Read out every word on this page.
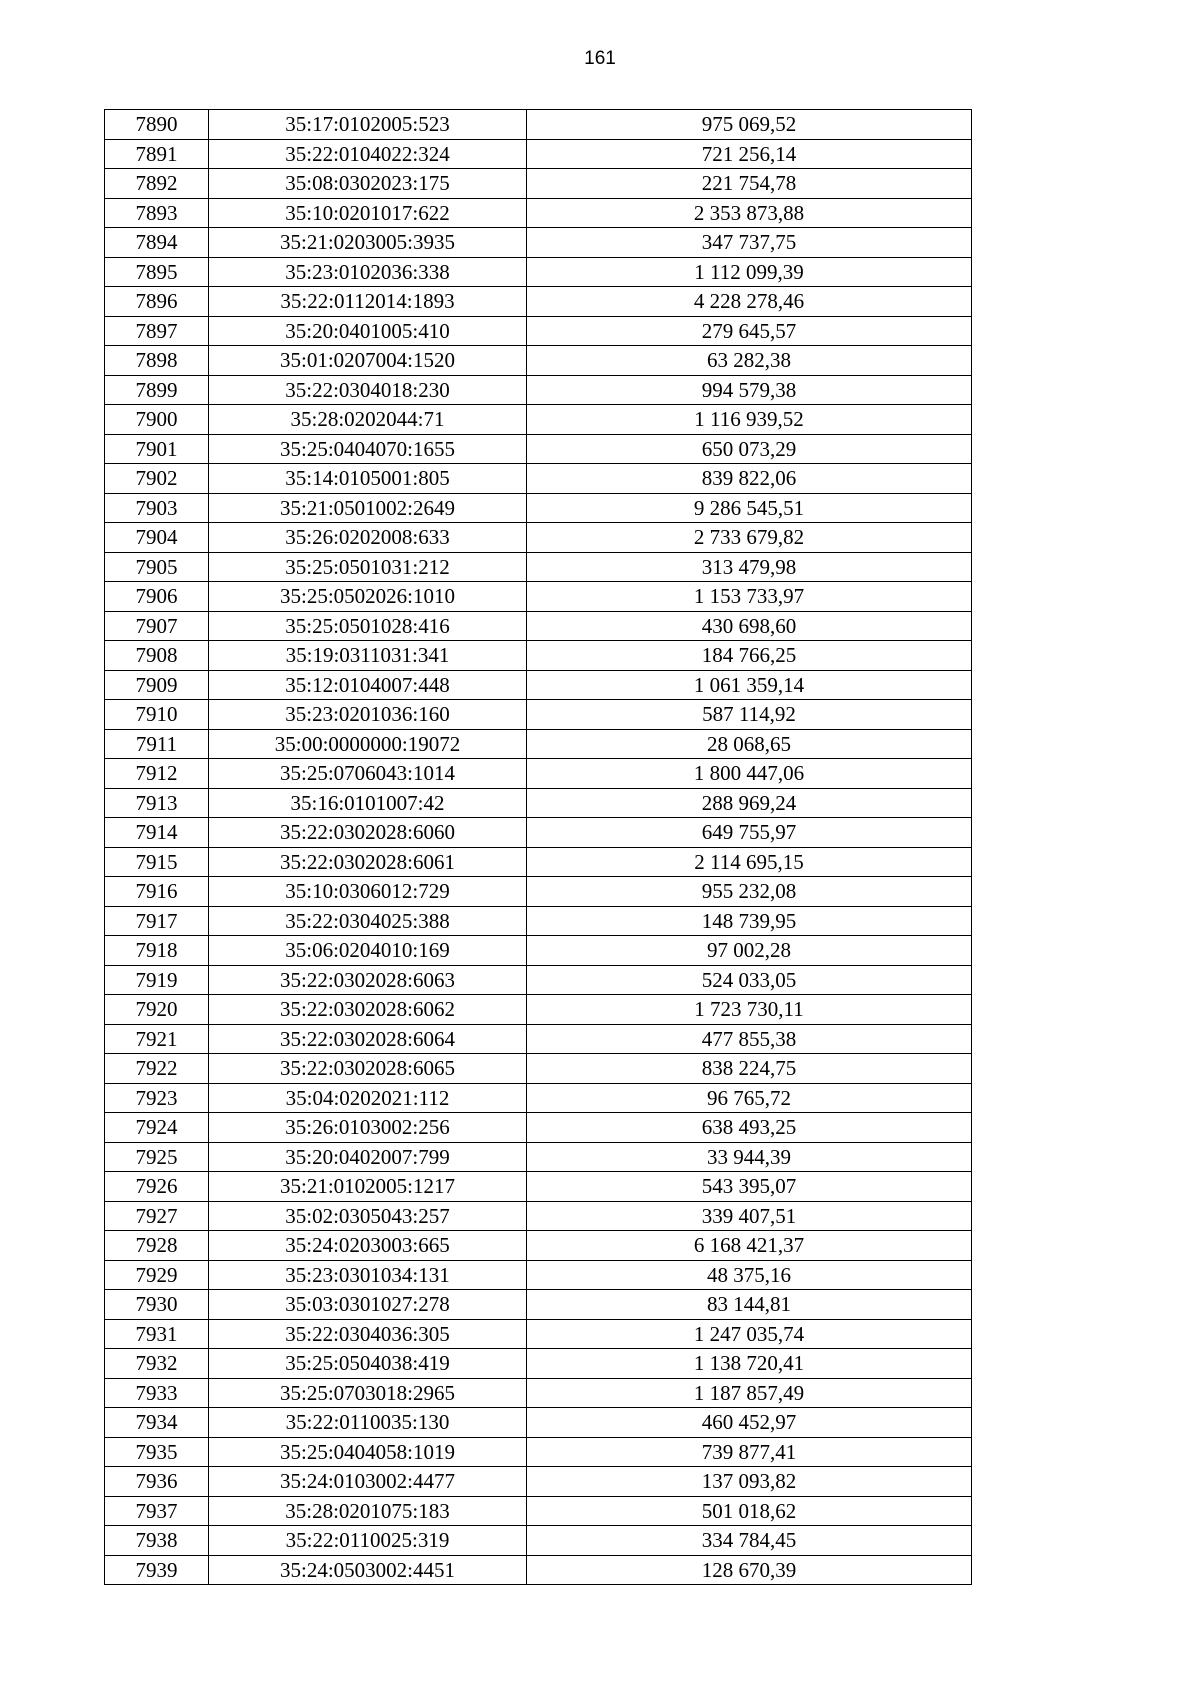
161
7890	35:17:0102005:523	975 069,52
7891	35:22:0104022:324	721 256,14
7892	35:08:0302023:175	221 754,78
7893	35:10:0201017:622	2 353 873,88
7894	35:21:0203005:3935	347 737,75
7895	35:23:0102036:338	1 112 099,39
7896	35:22:0112014:1893	4 228 278,46
7897	35:20:0401005:410	279 645,57
7898	35:01:0207004:1520	63 282,38
7899	35:22:0304018:230	994 579,38
7900	35:28:0202044:71	1 116 939,52
7901	35:25:0404070:1655	650 073,29
7902	35:14:0105001:805	839 822,06
7903	35:21:0501002:2649	9 286 545,51
7904	35:26:0202008:633	2 733 679,82
7905	35:25:0501031:212	313 479,98
7906	35:25:0502026:1010	1 153 733,97
7907	35:25:0501028:416	430 698,60
7908	35:19:0311031:341	184 766,25
7909	35:12:0104007:448	1 061 359,14
7910	35:23:0201036:160	587 114,92
7911	35:00:0000000:19072	28 068,65
7912	35:25:0706043:1014	1 800 447,06
7913	35:16:0101007:42	288 969,24
7914	35:22:0302028:6060	649 755,97
7915	35:22:0302028:6061	2 114 695,15
7916	35:10:0306012:729	955 232,08
7917	35:22:0304025:388	148 739,95
7918	35:06:0204010:169	97 002,28
7919	35:22:0302028:6063	524 033,05
7920	35:22:0302028:6062	1 723 730,11
7921	35:22:0302028:6064	477 855,38
7922	35:22:0302028:6065	838 224,75
7923	35:04:0202021:112	96 765,72
7924	35:26:0103002:256	638 493,25
7925	35:20:0402007:799	33 944,39
7926	35:21:0102005:1217	543 395,07
7927	35:02:0305043:257	339 407,51
7928	35:24:0203003:665	6 168 421,37
7929	35:23:0301034:131	48 375,16
7930	35:03:0301027:278	83 144,81
7931	35:22:0304036:305	1 247 035,74
7932	35:25:0504038:419	1 138 720,41
7933	35:25:0703018:2965	1 187 857,49
7934	35:22:0110035:130	460 452,97
7935	35:25:0404058:1019	739 877,41
7936	35:24:0103002:4477	137 093,82
7937	35:28:0201075:183	501 018,62
7938	35:22:0110025:319	334 784,45
7939	35:24:0503002:4451	128 670,39
